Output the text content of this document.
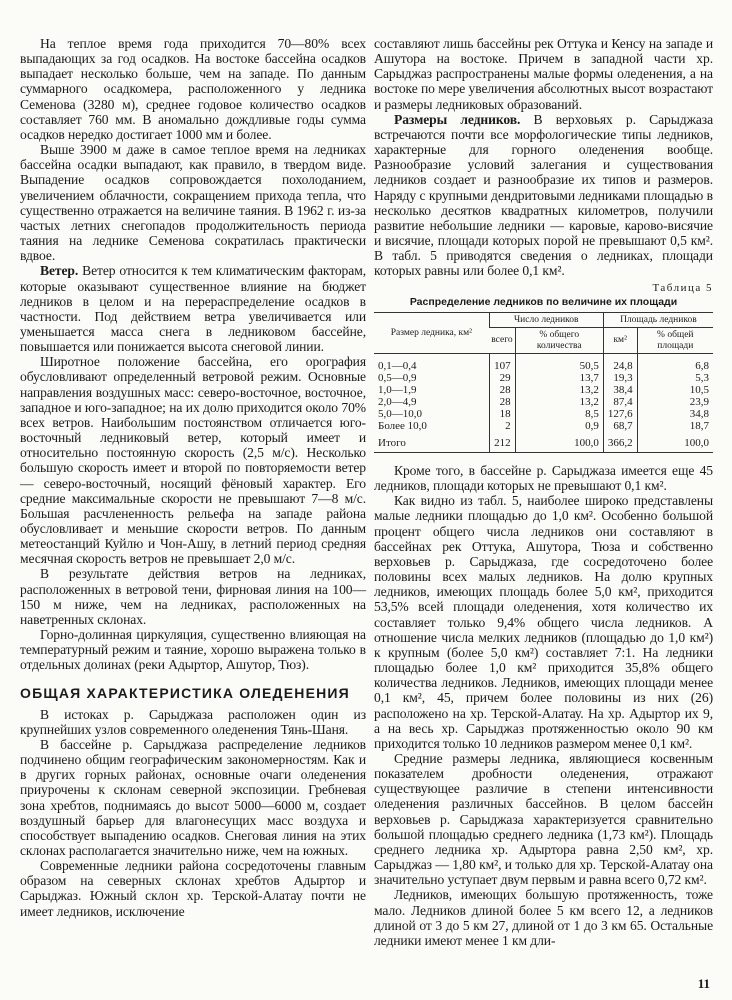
На теплое время года приходится 70—80% всех выпадающих за год осадков. На востоке бассейна осадков выпадает несколько больше, чем на западе. По данным суммарного осадкомера, расположенного у ледника Семенова (3280 м), среднее годовое количество осадков составляет 760 мм. В аномально дождливые годы сумма осадков нередко достигает 1000 мм и более.

Выше 3900 м даже в самое теплое время на ледниках бассейна осадки выпадают, как правило, в твердом виде. Выпадение осадков сопровождается похолоданием, увеличением облачности, сокращением прихода тепла, что существенно отражается на величине таяния. В 1962 г. из-за частых летних снегопадов продолжительность периода таяния на леднике Семенова сократилась практически вдвое.

Ветер. Ветер относится к тем климатическим факторам, которые оказывают существенное влияние на бюджет ледников в целом и на перераспределение осадков в частности. Под действием ветра увеличивается или уменьшается масса снега в ледниковом бассейне, повышается или понижается высота снеговой линии.

Широтное положение бассейна, его орография обусловливают определенный ветровой режим. Основные направления воздушных масс: северо-восточное, восточное, западное и юго-западное; на их долю приходится около 70% всех ветров. Наибольшим постоянством отличается юго-восточный ледниковый ветер, который имеет и относительно постоянную скорость (2,5 м/с). Несколько большую скорость имеет и второй по повторяемости ветер— северо-восточный, носящий фёновый характер. Его средние максимальные скорости не превышают 7—8 м/с. Большая расчлененность рельефа на западе района обусловливает и меньшие скорости ветров. По данным метеостанций Куйлю и Чон-Ашу, в летний период средняя месячная скорость ветров не превышает 2,0 м/с.

В результате действия ветров на ледниках, расположенных в ветровой тени, фирновая линия на 100—150 м ниже, чем на ледниках, расположенных на наветренных склонах.

Горно-долинная циркуляция, существенно влияющая на температурный режим и таяние, хорошо выражена только в отдельных долинах (реки Адыртор, Ашутор, Тюз).

ОБЩАЯ ХАРАКТЕРИСТИКА ОЛЕДЕНЕНИЯ

В истоках р. Сарыджаза расположен один из крупнейших узлов современного оледенения Тянь-Шаня.

В бассейне р. Сарыджаза распределение ледников подчинено общим географическим закономерностям. Как и в других горных районах, основные очаги оледенения приурочены к склонам северной экспозиции. Гребневая зона хребтов, поднимаясь до высот 5000—6000 м, создает воздушный барьер для влагонесущих масс воздуха и способствует выпадению осадков. Снеговая линия на этих склонах располагается значительно ниже, чем на южных.

Современные ледники района сосредоточены главным образом на северных склонах хребтов Адыртор и Сарыджаз. Южный склон хр. Терской-Алатау почти не имеет ледников, исключение

составляют лишь бассейны рек Оттука и Кенсу на западе и Ашутора на востоке. Причем в западной части хр. Сарыджаз распространены малые формы оледенения, а на востоке по мере увеличения абсолютных высот возрастают и размеры ледниковых образований.

Размеры ледников. В верховьях р. Сарыджаза встречаются почти все морфологические типы ледников, характерные для горного оледенения вообще. Разнообразие условий залегания и существования ледников создает и разнообразие их типов и размеров. Наряду с крупными дендритовыми ледниками площадью в несколько десятков квадратных километров, получили развитие небольшие ледники — каровые, карово-висячие и висячие, площади которых порой не превышают 0,5 км². В табл. 5 приводятся сведения о ледниках, площади которых равны или более 0,1 км².

Таблица 5
Распределение ледников по величине их площади
Размер ледника, км²	Число ледников		Площадь ледников	
	всего	% общего количества	км²	% общей площади
0,1—0,4	107	50,5	24,8	6,8
0,5—0,9	29	13,7	19,3	5,3
1,0—1,9	28	13,2	38,4	10,5
2,0—4,9	28	13,2	87,4	23,9
5,0—10,0	18	8,5	127,6	34,8
Более 10,0	2	0,9	68,7	18,7
Итого	212	100,0	366,2	100,0

Кроме того, в бассейне р. Сарыджаза имеется еще 45 ледников, площади которых не превышают 0,1 км².

Как видно из табл. 5, наиболее широко представлены малые ледники площадью до 1,0 км². Особенно большой процент общего числа ледников они составляют в бассейнах рек Оттука, Ашутора, Тюза и собственно верховьев р. Сарыджаза, где сосредоточено более половины всех малых ледников. На долю крупных ледников, имеющих площадь более 5,0 км², приходится 53,5% всей площади оледенения, хотя количество их составляет только 9,4% общего числа ледников. А отношение числа мелких ледников (площадью до 1,0 км²) к крупным (более 5,0 км²) составляет 7:1. На ледники площадью более 1,0 км² приходится 35,8% общего количества ледников. Ледников, имеющих площади менее 0,1 км², 45, причем более половины из них (26) расположено на хр. Терской-Алатау. На хр. Адыртор их 9, а на весь хр. Сарыджаз протяженностью около 90 км приходится только 10 ледников размером менее 0,1 км².

Средние размеры ледника, являющиеся косвенным показателем дробности оледенения, отражают существующее различие в степени интенсивности оледенения различных бассейнов. В целом бассейн верховьев р. Сарыджаза характеризуется сравнительно большой площадью среднего ледника (1,73 км²). Площадь среднего ледника хр. Адыртора равна 2,50 км², хр. Сарыджаз — 1,80 км², и только для хр. Терской-Алатау она значительно уступает двум первым и равна всего 0,72 км².

Ледников, имеющих большую протяженность, тоже мало. Ледников длиной более 5 км всего 12, а ледников длиной от 3 до 5 км 27, длиной от 1 до 3 км 65. Остальные ледники имеют менее 1 км дли-

11
